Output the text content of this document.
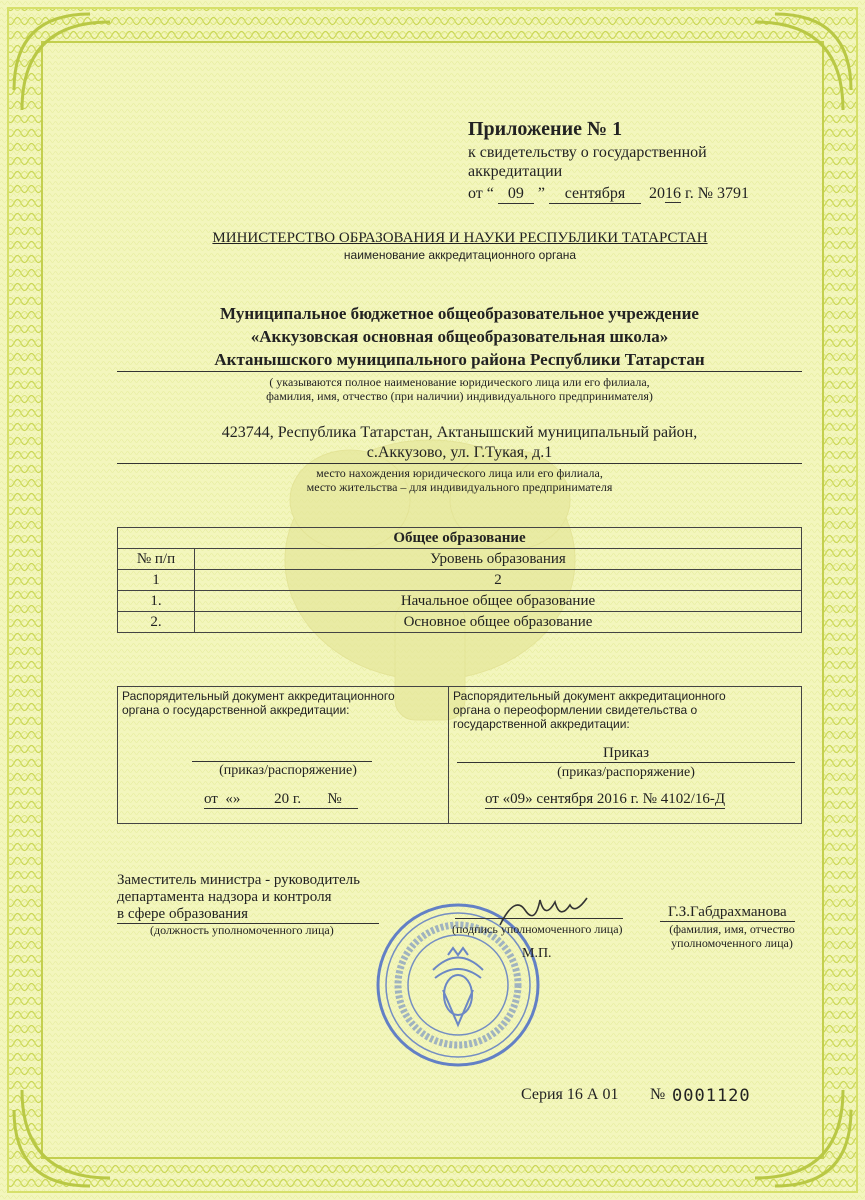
Приложение № 1
к свидетельству о государственной
аккредитации
от “ 09 ” сентября 2016 г. № 3791
МИНИСТЕРСТВО ОБРАЗОВАНИЯ И НАУКИ РЕСПУБЛИКИ ТАТАРСТАН
наименование аккредитационного органа
Муниципальное бюджетное общеобразовательное учреждение
«Аккузовская основная общеобразовательная школа»
Актанышского муниципального района Республики Татарстан
( указываются полное наименование юридического лица или его филиала,
фамилия, имя, отчество (при наличии) индивидуального предпринимателя)
423744, Республика Татарстан, Актанышский муниципальный район,
с.Аккузово, ул. Г.Тукая, д.1
место нахождения юридического лица или его филиала,
место жительства – для индивидуального предпринимателя
Общее образование	
№ п/п	Уровень образования
1	2
1.	Начальное общее образование
2.	Основное общее образование
Распорядительный документ аккредитационного
органа о государственной аккредитации:
(приказ/распоряжение)
от  «»         20 г.       №
Распорядительный документ аккредитационного
органа о переоформлении свидетельства о
государственной аккредитации:
Приказ
(приказ/распоряжение)
от «09» сентября 2016 г. № 4102/16-Д
Заместитель министра - руководитель
департамента надзора и контроля
в сфере образования
(должность уполномоченного лица)	(подпись уполномоченного лица)
Г.З.Габдрахманова
(фамилия, имя, отчество
уполномоченного лица)
М.П.
Серия 16 А 01 № 0001120
